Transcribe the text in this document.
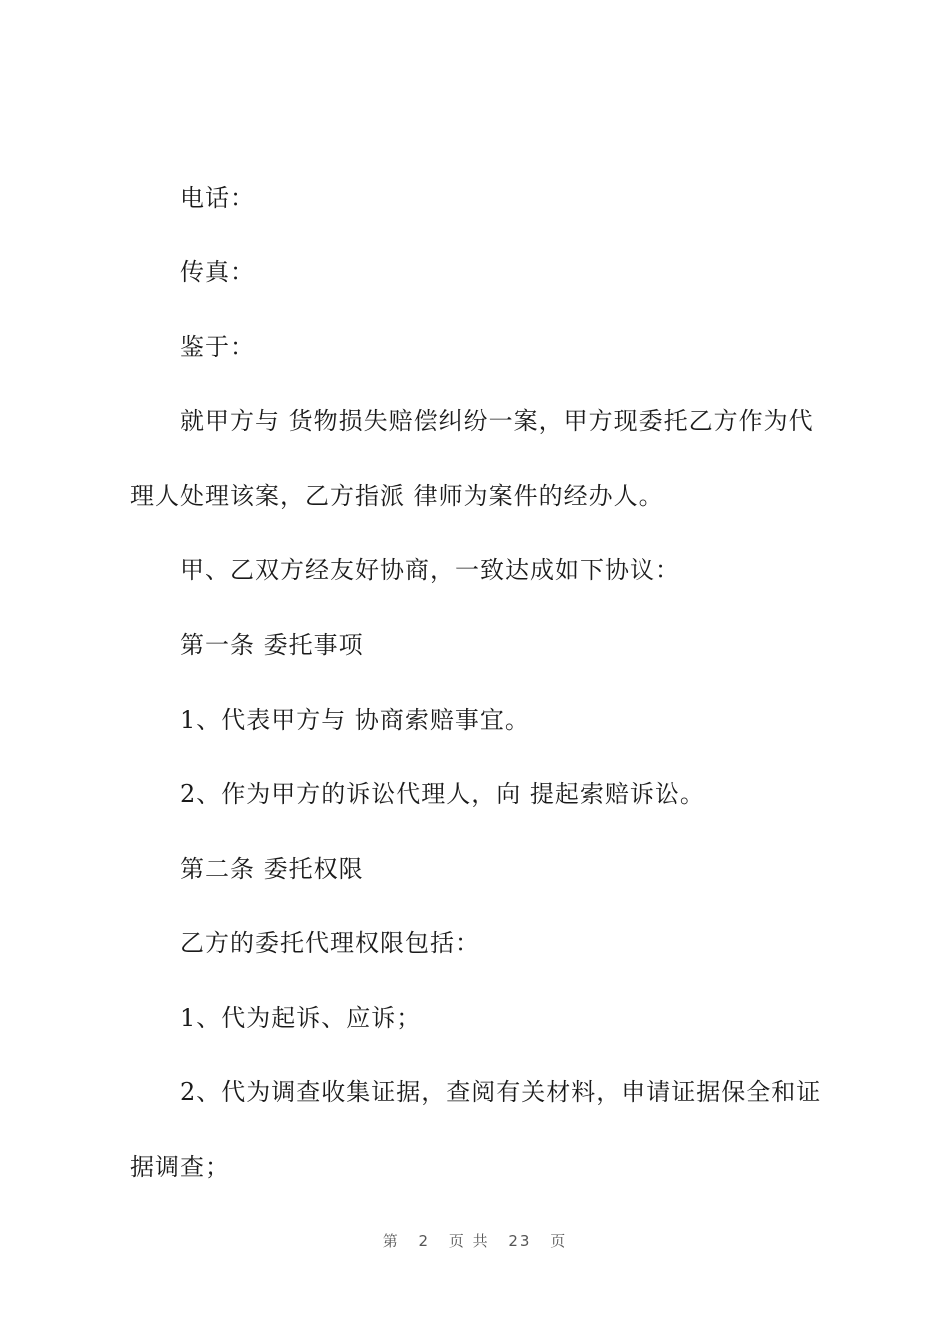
电话：
传真：
鉴于：
就甲方与 货物损失赔偿纠纷一案，甲方现委托乙方作为代
理人处理该案，乙方指派 律师为案件的经办人。
甲、乙双方经友好协商，一致达成如下协议：
第一条 委托事项
1、代表甲方与 协商索赔事宜。
2、作为甲方的诉讼代理人，向 提起索赔诉讼。
第二条 委托权限
乙方的委托代理权限包括：
1、代为起诉、应诉；
2、代为调查收集证据，查阅有关材料，申请证据保全和证
据调查；
第 2 页 共 23 页
